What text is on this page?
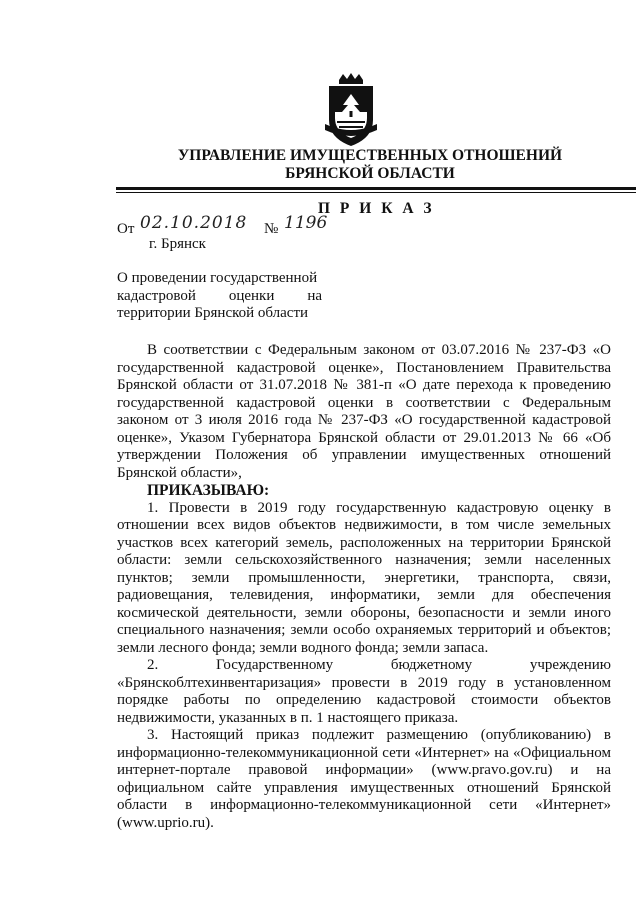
УПРАВЛЕНИЕ ИМУЩЕСТВЕННЫХ ОТНОШЕНИЙ
БРЯНСКОЙ ОБЛАСТИ
П Р И К А З
От 02.10.2018 № 1196
г. Брянск
О проведении государственной
кадастровой оценки на
территории Брянской области

В соответствии с Федеральным законом от 03.07.2016 № 237-ФЗ «О государственной кадастровой оценке», Постановлением Правительства Брянской области от 31.07.2018 № 381-п «О дате перехода к проведению государственной кадастровой оценки в соответствии с Федеральным законом от 3 июля 2016 года № 237-ФЗ «О государственной кадастровой оценке», Указом Губернатора Брянской области от 29.01.2013 № 66 «Об утверждении Положения об управлении имущественных отношений Брянской области»,

ПРИКАЗЫВАЮ:

1. Провести в 2019 году государственную кадастровую оценку в отношении всех видов объектов недвижимости, в том числе земельных участков всех категорий земель, расположенных на территории Брянской области: земли сельскохозяйственного назначения; земли населенных пунктов; земли промышленности, энергетики, транспорта, связи, радиовещания, телевидения, информатики, земли для обеспечения космической деятельности, земли обороны, безопасности и земли иного специального назначения; земли особо охраняемых территорий и объектов; земли лесного фонда; земли водного фонда; земли запаса.

2. Государственному бюджетному учреждению «Брянскоблтехинвентаризация» провести в 2019 году в установленном порядке работы по определению кадастровой стоимости объектов недвижимости, указанных в п. 1 настоящего приказа.

3. Настоящий приказ подлежит размещению (опубликованию) в информационно-телекоммуникационной сети «Интернет» на «Официальном интернет-портале правовой информации» (www.pravo.gov.ru) и на официальном сайте управления имущественных отношений Брянской области в информационно-телекоммуникационной сети «Интернет» (www.uprio.ru).
